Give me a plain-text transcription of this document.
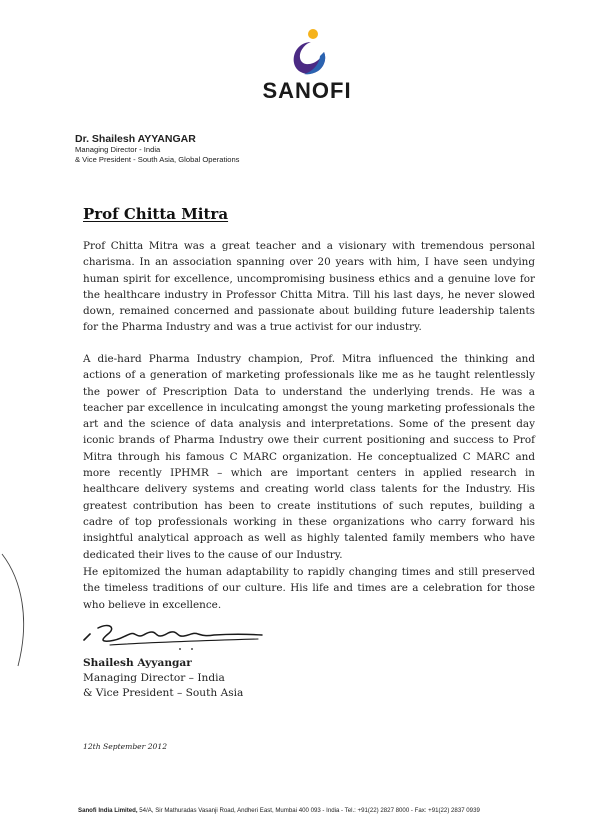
SANOFI
Dr. Shailesh AYYANGAR
Managing Director - India
& Vice President - South Asia, Global Operations
Prof Chitta Mitra

Prof Chitta Mitra was a great teacher and a visionary with tremendous personal charisma. In an association spanning over 20 years with him, I have seen undying human spirit for excellence, uncompromising business ethics and a genuine love for the healthcare industry in Professor Chitta Mitra. Till his last days, he never slowed down, remained concerned and passionate about building future leadership talents for the Pharma Industry and was a true activist for our industry.

A die-hard Pharma Industry champion, Prof. Mitra influenced the thinking and actions of a generation of marketing professionals like me as he taught relentlessly the power of Prescription Data to understand the underlying trends. He was a teacher par excellence in inculcating amongst the young marketing professionals the art and the science of data analysis and interpretations. Some of the present day iconic brands of Pharma Industry owe their current positioning and success to Prof Mitra through his famous C MARC organization. He conceptualized C MARC and more recently IPHMR – which are important centers in applied research in healthcare delivery systems and creating world class talents for the Industry. His greatest contribution has been to create institutions of such reputes, building a cadre of top professionals working in these organizations who carry forward his insightful analytical approach as well as highly talented family members who have dedicated their lives to the cause of our Industry.

He epitomized the human adaptability to rapidly changing times and still preserved the timeless traditions of our culture. His life and times are a celebration for those who believe in excellence.

Shailesh Ayyangar
Managing Director – India
& Vice President – South Asia
12th September 2012
Sanofi India Limited, 54/A, Sir Mathuradas Vasanji Road, Andheri East, Mumbai 400 093 - India - Tel.: +91(22) 2827 8000 - Fax: +91(22) 2837 0939
